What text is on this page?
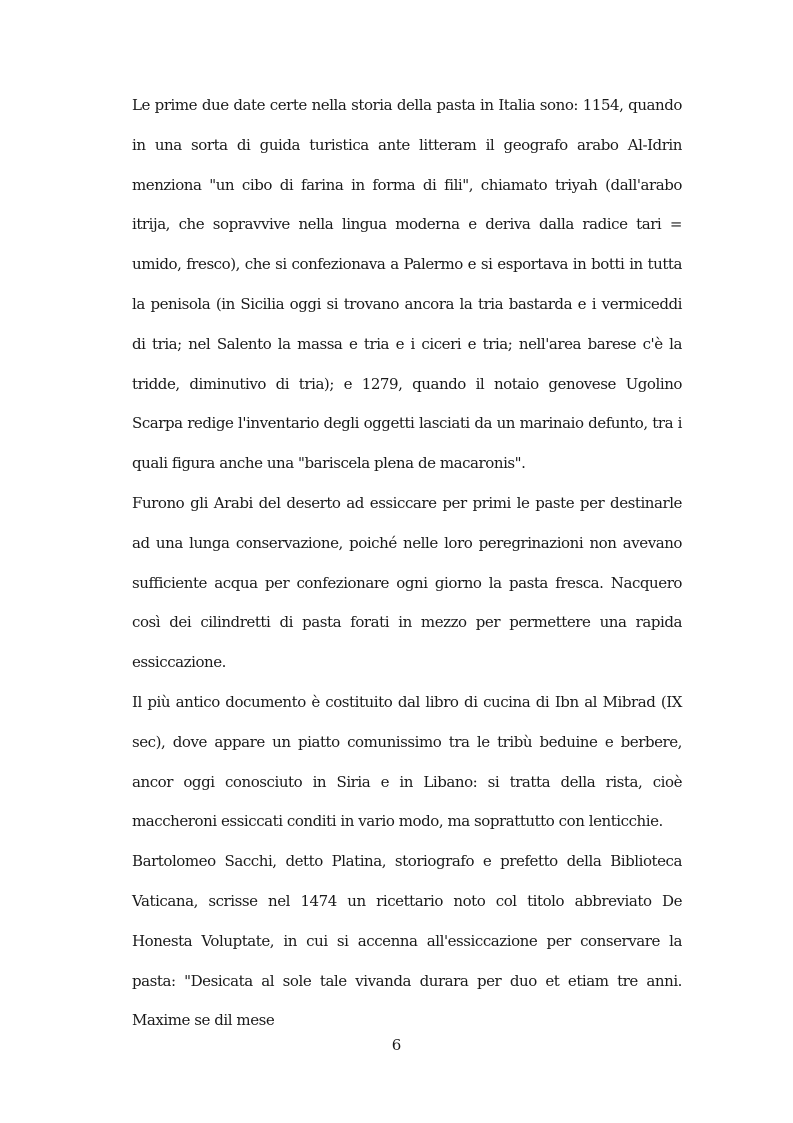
Le prime due date certe nella storia della pasta in Italia sono: 1154, quando in una sorta di guida turistica ante litteram il geografo arabo Al-Idrin menziona "un cibo di farina in forma di fili", chiamato triyah (dall'arabo itrija, che sopravvive nella lingua moderna e deriva dalla radice tari = umido, fresco), che si confezionava a Palermo e si esportava in botti in tutta la penisola (in Sicilia oggi si trovano ancora la tria bastarda e i vermiceddi di tria; nel Salento la massa e tria e i ciceri e tria; nell'area barese c'è la tridde, diminutivo di tria); e 1279, quando il notaio genovese Ugolino Scarpa redige l'inventario degli oggetti lasciati da un marinaio defunto, tra i quali figura anche una "bariscela plena de macaronis".

Furono gli Arabi del deserto ad essiccare per primi le paste per destinarle ad una lunga conservazione, poiché nelle loro peregrinazioni non avevano sufficiente acqua per confezionare ogni giorno la pasta fresca. Nacquero così dei cilindretti di pasta forati in mezzo per permettere una rapida essiccazione.

Il più antico documento è costituito dal libro di cucina di Ibn al Mibrad (IX sec), dove appare un piatto comunissimo tra le tribù beduine e berbere, ancor oggi conosciuto in Siria e in Libano: si tratta della rista, cioè maccheroni essiccati conditi in vario modo, ma soprattutto con lenticchie.

Bartolomeo Sacchi, detto Platina, storiografo e prefetto della Biblioteca Vaticana, scrisse nel 1474 un ricettario noto col titolo abbreviato De Honesta Voluptate, in cui si accenna all'essiccazione per conservare la pasta: "Desicata al sole tale vivanda durara per duo et etiam tre anni. Maxime se dil mese

6
